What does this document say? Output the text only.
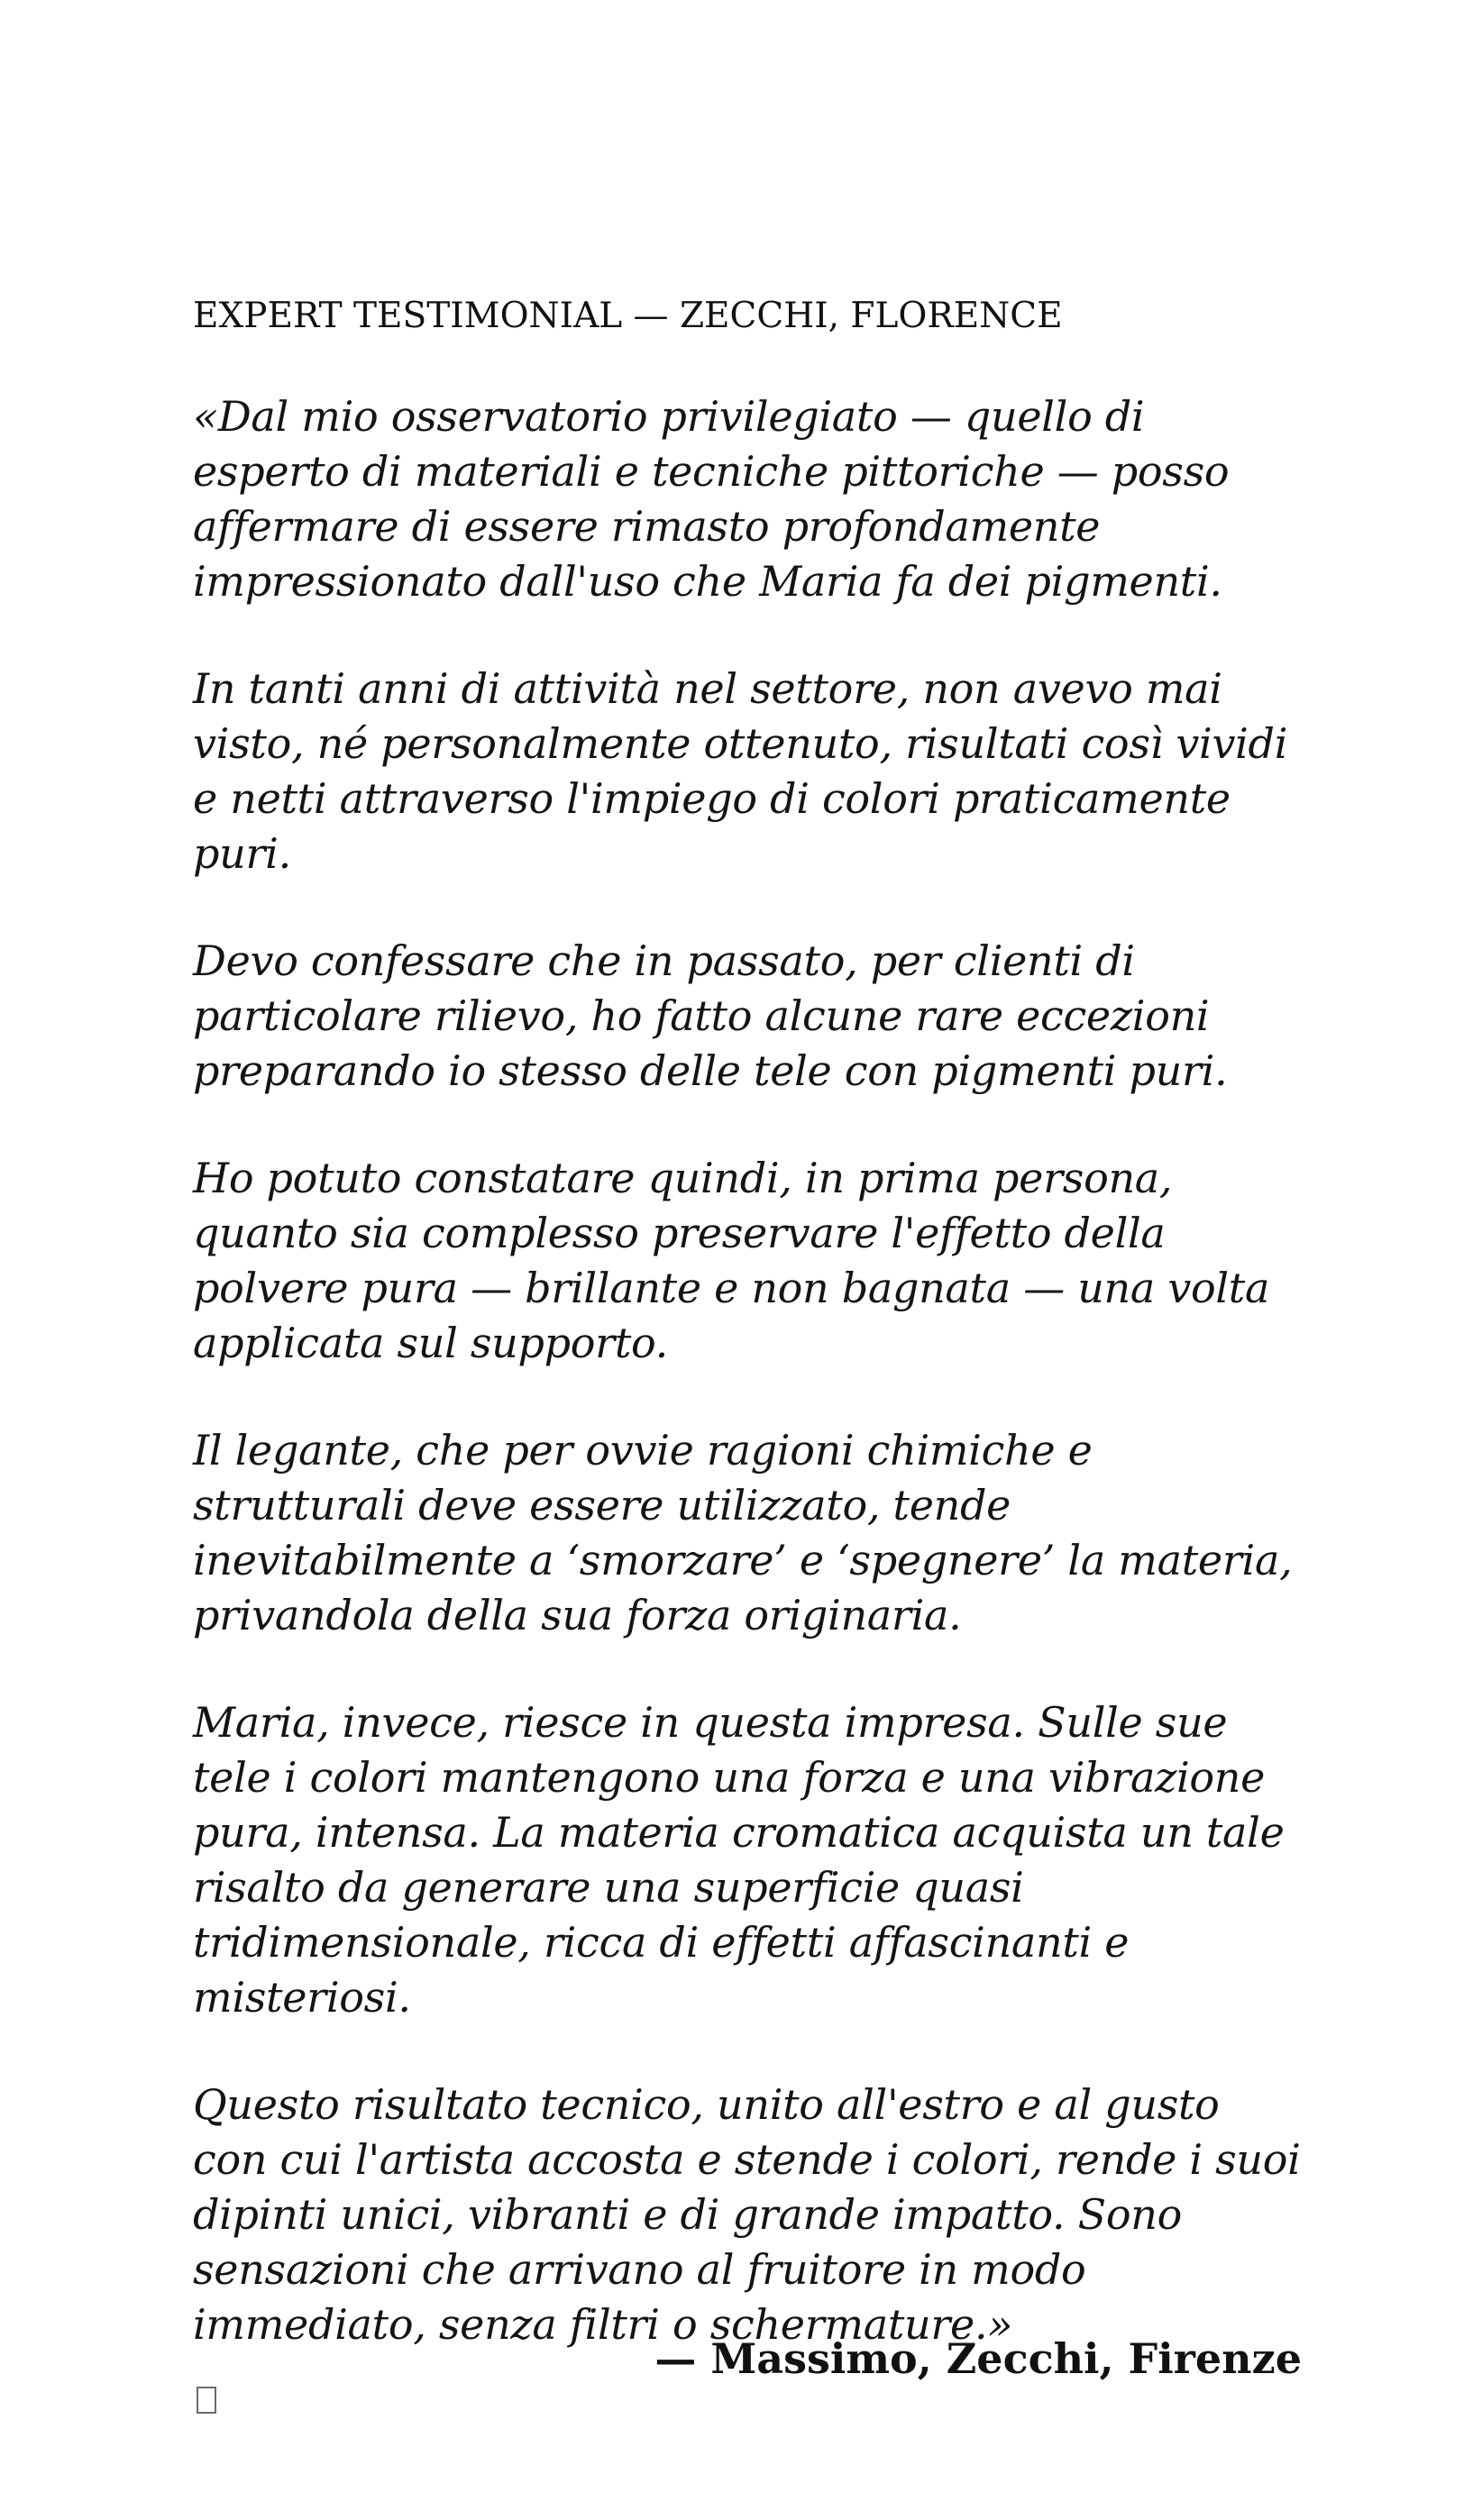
EXPERT TESTIMONIAL — ZECCHI, FLORENCE

«Dal mio osservatorio privilegiato — quello di esperto di materiali e tecniche pittoriche — posso affermare di essere rimasto profondamente impressionato dall'uso che Maria fa dei pigmenti.

In tanti anni di attività nel settore, non avevo mai visto, né personalmente ottenuto, risultati così vividi e netti attraverso l'impiego di colori praticamente puri.

Devo confessare che in passato, per clienti di particolare rilievo, ho fatto alcune rare eccezioni preparando io stesso delle tele con pigmenti puri.

Ho potuto constatare quindi, in prima persona, quanto sia complesso preservare l'effetto della polvere pura — brillante e non bagnata — una volta applicata sul supporto.

Il legante, che per ovvie ragioni chimiche e strutturali deve essere utilizzato, tende inevitabilmente a ‘smorzare’ e ‘spegnere’ la materia, privandola della sua forza originaria.

Maria, invece, riesce in questa impresa. Sulle sue tele i colori mantengono una forza e una vibrazione pura, intensa. La materia cromatica acquista un tale risalto da generare una superficie quasi tridimensionale, ricca di effetti affascinanti e misteriosi.

Questo risultato tecnico, unito all'estro e al gusto con cui l'artista accosta e stende i colori, rende i suoi dipinti unici, vibranti e di grande impatto. Sono sensazioni che arrivano al fruitore in modo immediato, senza filtri o schermature.»

— Massimo, Zecchi, Firenze
